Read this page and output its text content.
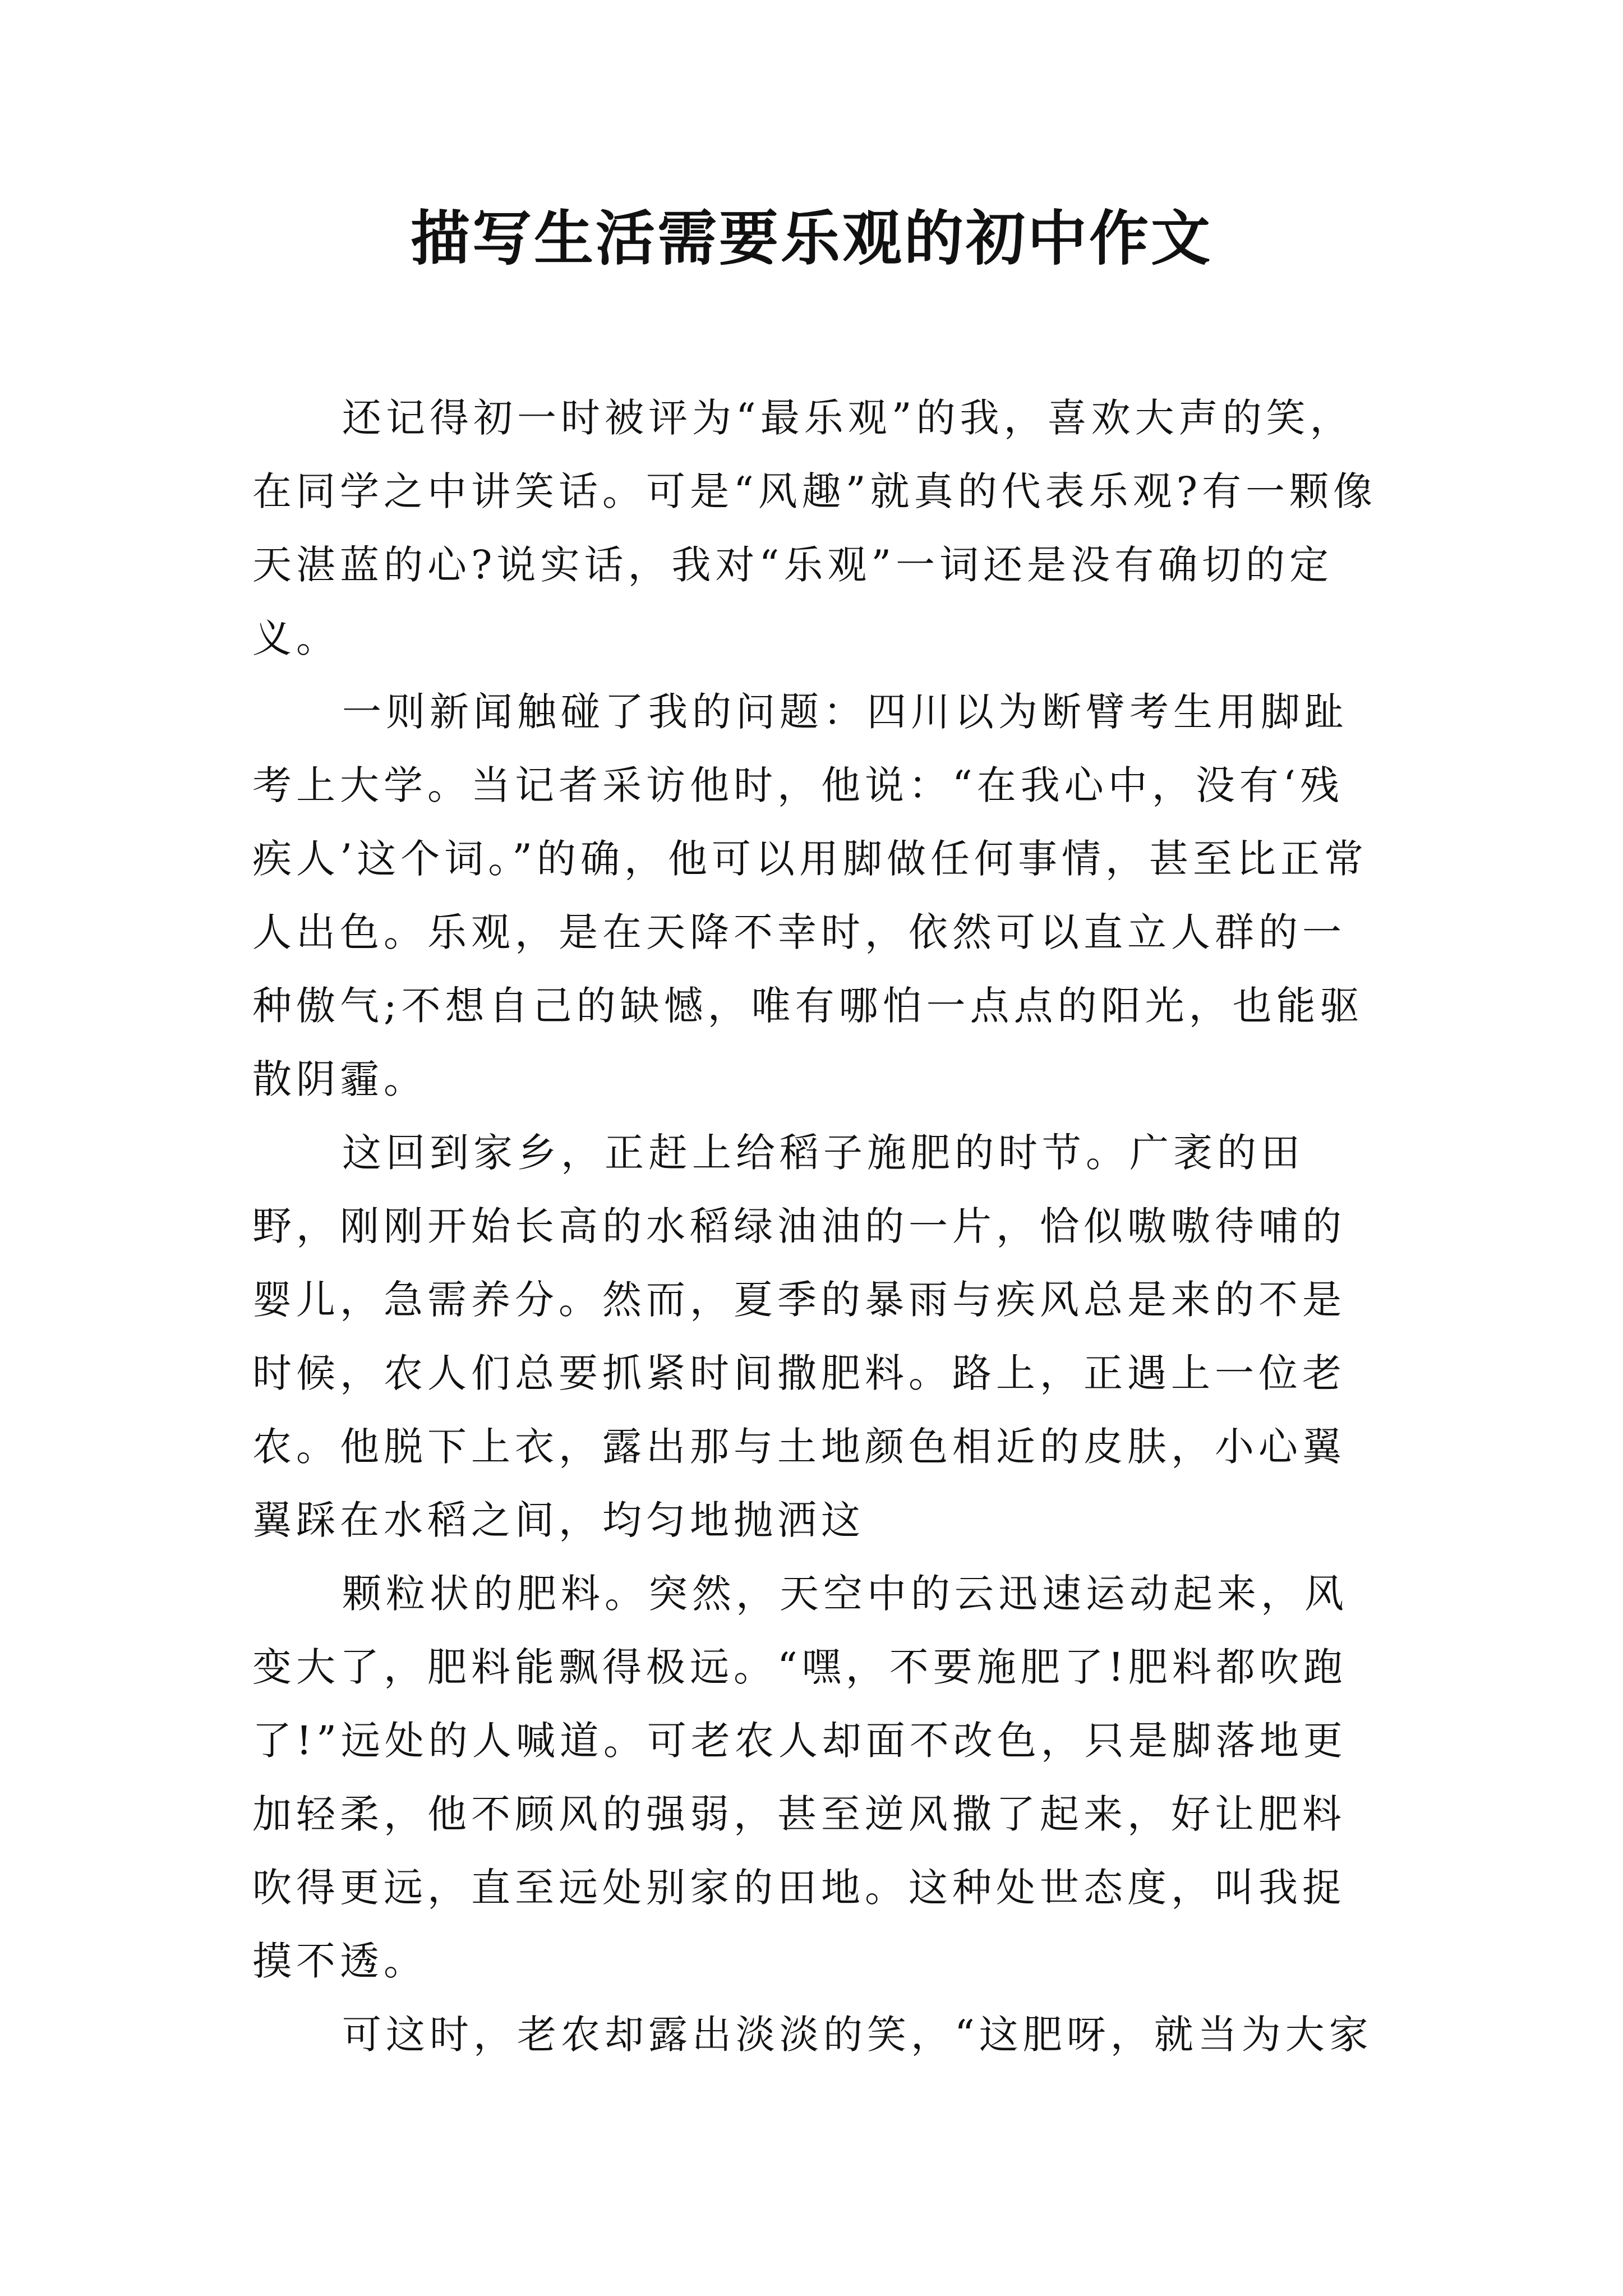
描写生活需要乐观的初中作文

还记得初一时被评为“最乐观”的我，喜欢大声的笑，在同学之中讲笑话。可是“风趣”就真的代表乐观?有一颗像天湛蓝的心?说实话，我对“乐观”一词还是没有确切的定义。

一则新闻触碰了我的问题：四川以为断臂考生用脚趾考上大学。当记者采访他时，他说：“在我心中，没有‘残疾人’这个词。”的确，他可以用脚做任何事情，甚至比正常人出色。乐观，是在天降不幸时，依然可以直立人群的一种傲气;不想自己的缺憾，唯有哪怕一点点的阳光，也能驱散阴霾。

这回到家乡，正赶上给稻子施肥的时节。广袤的田野，刚刚开始长高的水稻绿油油的一片，恰似嗷嗷待哺的婴儿，急需养分。然而，夏季的暴雨与疾风总是来的不是时候，农人们总要抓紧时间撒肥料。路上，正遇上一位老农。他脱下上衣，露出那与土地颜色相近的皮肤，小心翼翼踩在水稻之间，均匀地抛洒这

颗粒状的肥料。突然，天空中的云迅速运动起来，风变大了，肥料能飘得极远。“嘿，不要施肥了!肥料都吹跑了!”远处的人喊道。可老农人却面不改色，只是脚落地更加轻柔，他不顾风的强弱，甚至逆风撒了起来，好让肥料吹得更远，直至远处别家的田地。这种处世态度，叫我捉摸不透。

可这时，老农却露出淡淡的笑，“这肥呀，就当为大家
